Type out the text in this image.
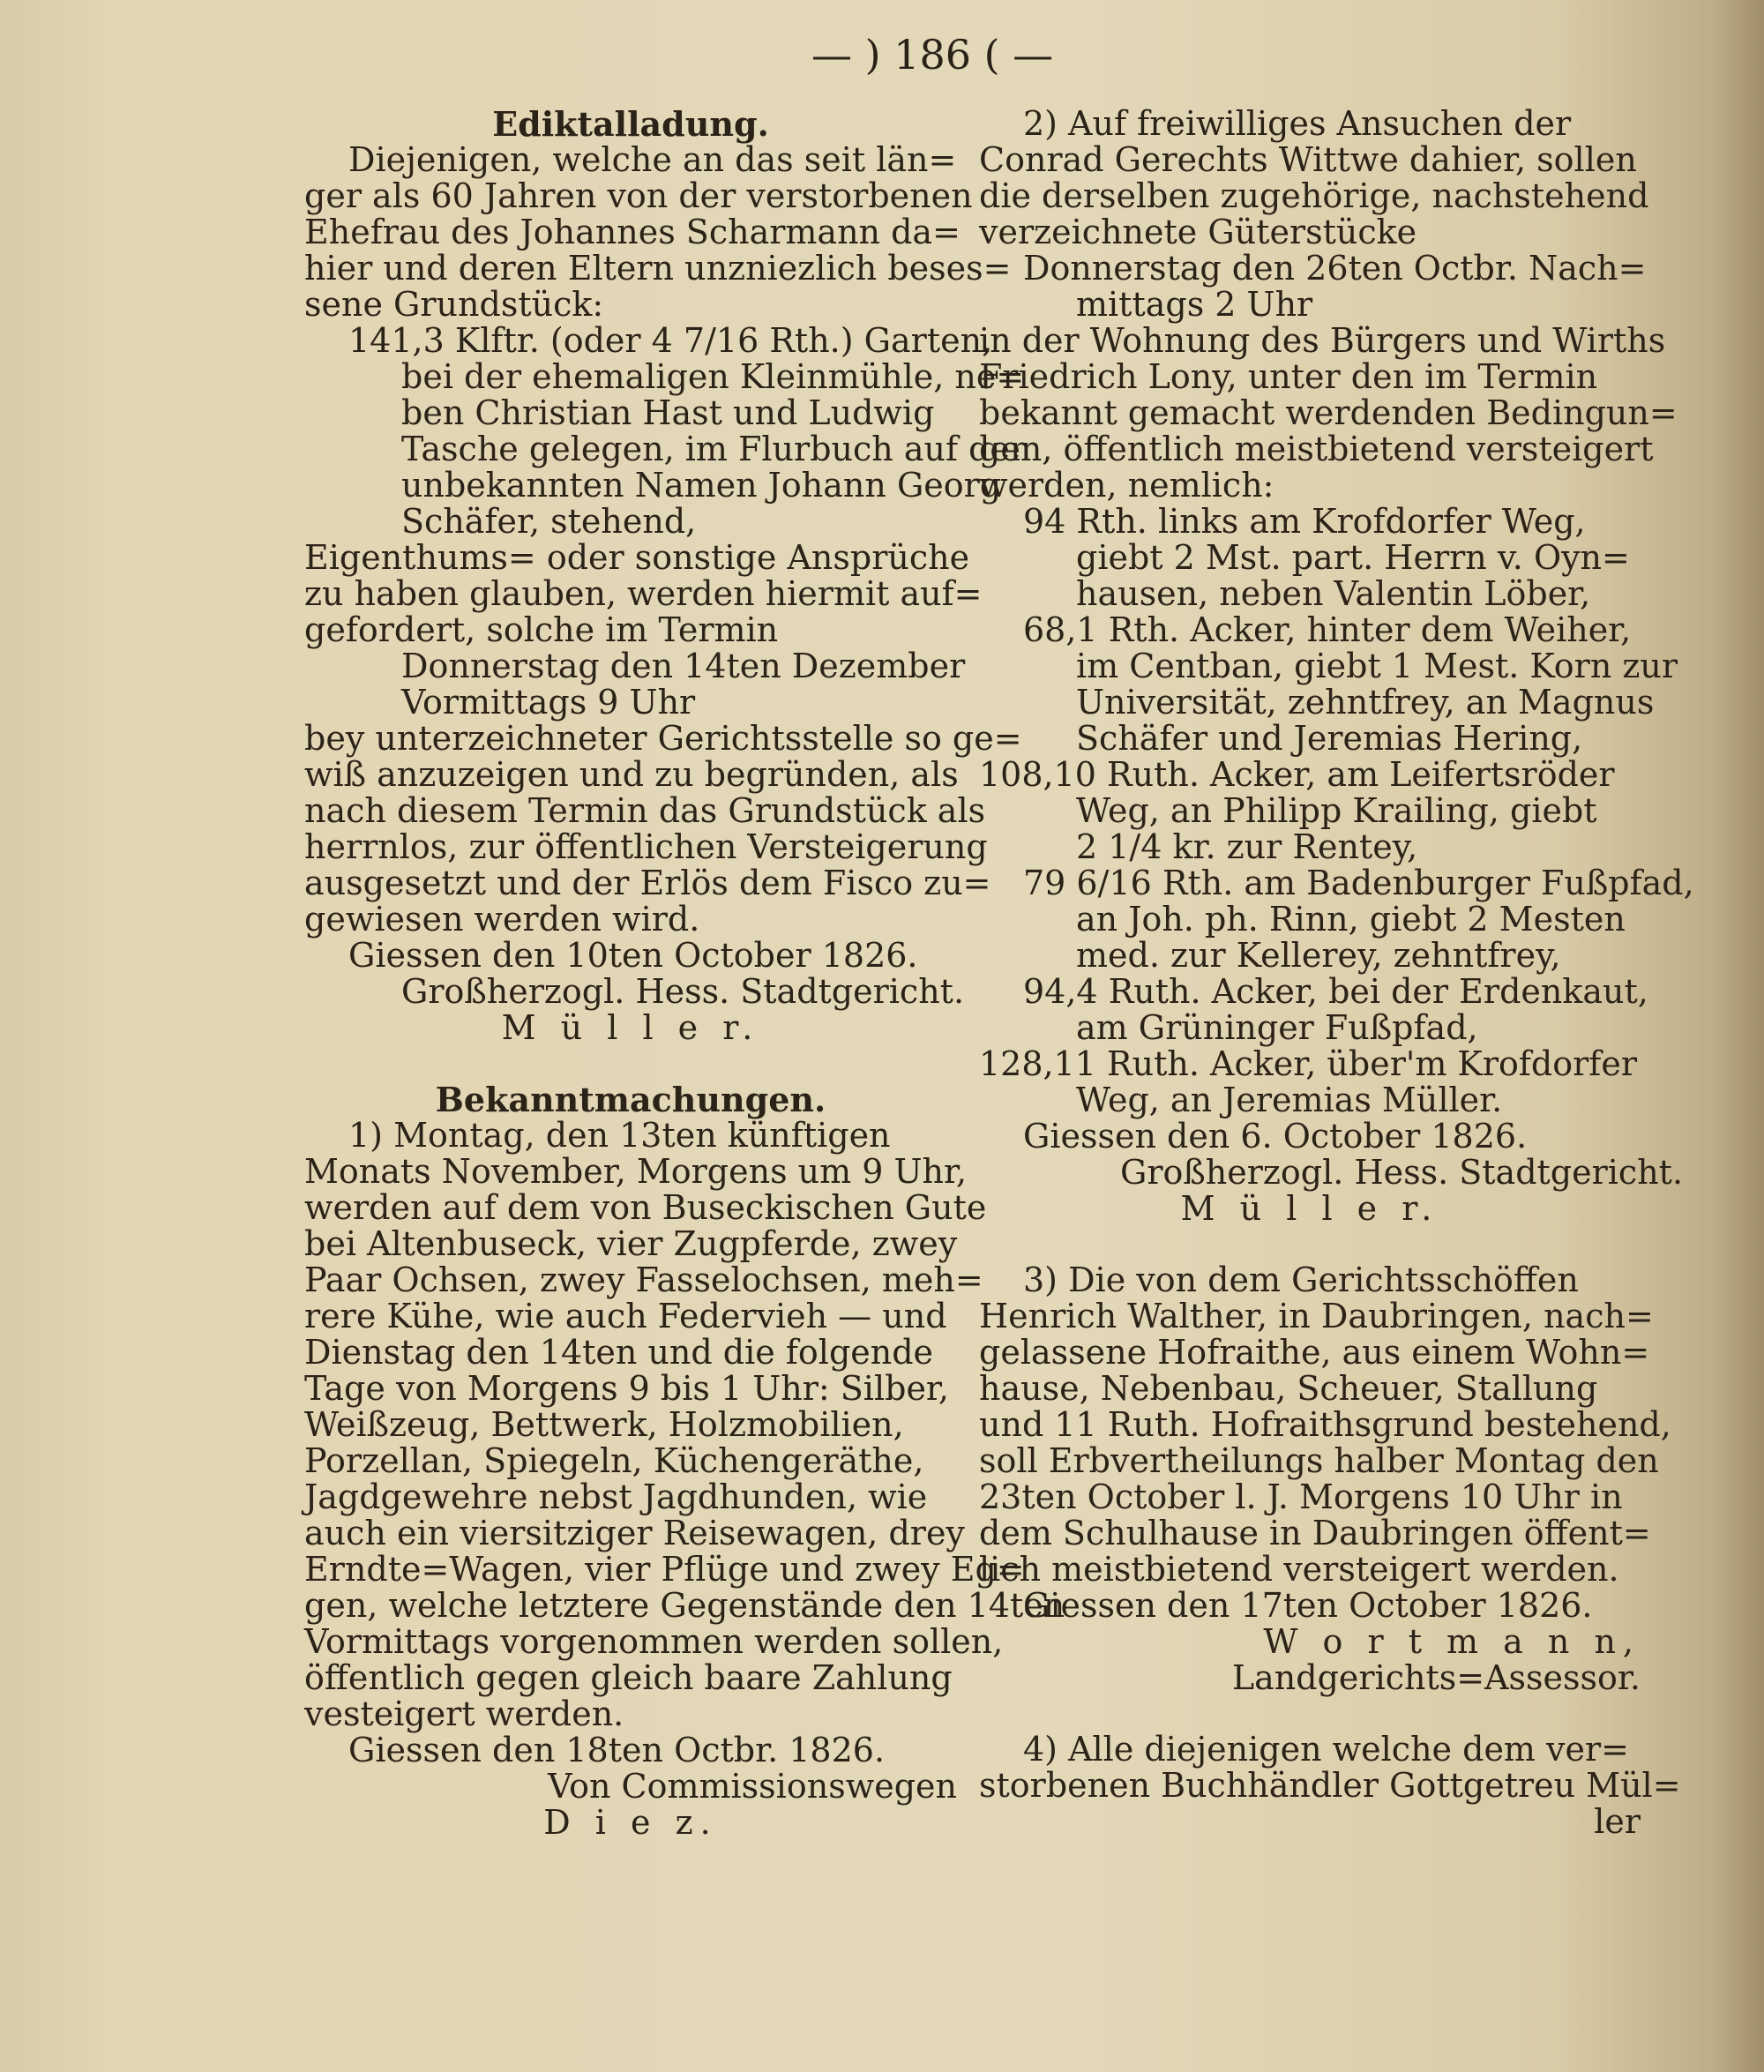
— ) 186 ( —
Ediktalladung.
Diejenigen, welche an das seit län=
ger als 60 Jahren von der verstorbenen
Ehefrau des Johannes Scharmann da=
hier und deren Eltern unzniezlich beses=
sene Grundstück:
141,3 Klftr. (oder 4 7/16 Rth.) Garten,
bei der ehemaligen Kleinmühle, ne=
ben Christian Hast und Ludwig
Tasche gelegen, im Flurbuch auf den
unbekannten Namen Johann Georg
Schäfer, stehend,
Eigenthums= oder sonstige Ansprüche
zu haben glauben, werden hiermit auf=
gefordert, solche im Termin
Donnerstag den 14ten Dezember
Vormittags 9 Uhr
bey unterzeichneter Gerichtsstelle so ge=
wiß anzuzeigen und zu begründen, als
nach diesem Termin das Grundstück als
herrnlos, zur öffentlichen Versteigerung
ausgesetzt und der Erlös dem Fisco zu=
gewiesen werden wird.
Giessen den 10ten October 1826.
Großherzogl. Hess. Stadtgericht.
M ü l l e r.
Bekanntmachungen.
1) Montag, den 13ten künftigen
Monats November, Morgens um 9 Uhr,
werden auf dem von Buseckischen Gute
bei Altenbuseck, vier Zugpferde, zwey
Paar Ochsen, zwey Fasselochsen, meh=
rere Kühe, wie auch Federvieh — und
Dienstag den 14ten und die folgende
Tage von Morgens 9 bis 1 Uhr: Silber,
Weißzeug, Bettwerk, Holzmobilien,
Porzellan, Spiegeln, Küchengeräthe,
Jagdgewehre nebst Jagdhunden, wie
auch ein viersitziger Reisewagen, drey
Erndte=Wagen, vier Pflüge und zwey Eg=
gen, welche letztere Gegenstände den 14ten
Vormittags vorgenommen werden sollen,
öffentlich gegen gleich baare Zahlung
vesteigert werden.
Giessen den 18ten Octbr. 1826.
Von Commissionswegen
D i e z.
2) Auf freiwilliges Ansuchen der
Conrad Gerechts Wittwe dahier, sollen
die derselben zugehörige, nachstehend
verzeichnete Güterstücke
Donnerstag den 26ten Octbr. Nach=
mittags 2 Uhr
in der Wohnung des Bürgers und Wirths
Friedrich Lony, unter den im Termin
bekannt gemacht werdenden Bedingun=
gen, öffentlich meistbietend versteigert
werden, nemlich:
94 Rth. links am Krofdorfer Weg,
giebt 2 Mst. part. Herrn v. Oyn=
hausen, neben Valentin Löber,
68,1 Rth. Acker, hinter dem Weiher,
im Centban, giebt 1 Mest. Korn zur
Universität, zehntfrey, an Magnus
Schäfer und Jeremias Hering,
108,10 Ruth. Acker, am Leifertsröder
Weg, an Philipp Krailing, giebt
2 1/4 kr. zur Rentey,
79 6/16 Rth. am Badenburger Fußpfad,
an Joh. ph. Rinn, giebt 2 Mesten
med. zur Kellerey, zehntfrey,
94,4 Ruth. Acker, bei der Erdenkaut,
am Grüninger Fußpfad,
128,11 Ruth. Acker, über'm Krofdorfer
Weg, an Jeremias Müller.
Giessen den 6. October 1826.
Großherzogl. Hess. Stadtgericht.
M ü l l e r.
3) Die von dem Gerichtsschöffen
Henrich Walther, in Daubringen, nach=
gelassene Hofraithe, aus einem Wohn=
hause, Nebenbau, Scheuer, Stallung
und 11 Ruth. Hofraithsgrund bestehend,
soll Erbvertheilungs halber Montag den
23ten October l. J. Morgens 10 Uhr in
dem Schulhause in Daubringen öffent=
lich meistbietend versteigert werden.
Giessen den 17ten October 1826.
W o r t m a n n,
Landgerichts=Assessor.
4) Alle diejenigen welche dem ver=
storbenen Buchhändler Gottgetreu Mül=
ler
